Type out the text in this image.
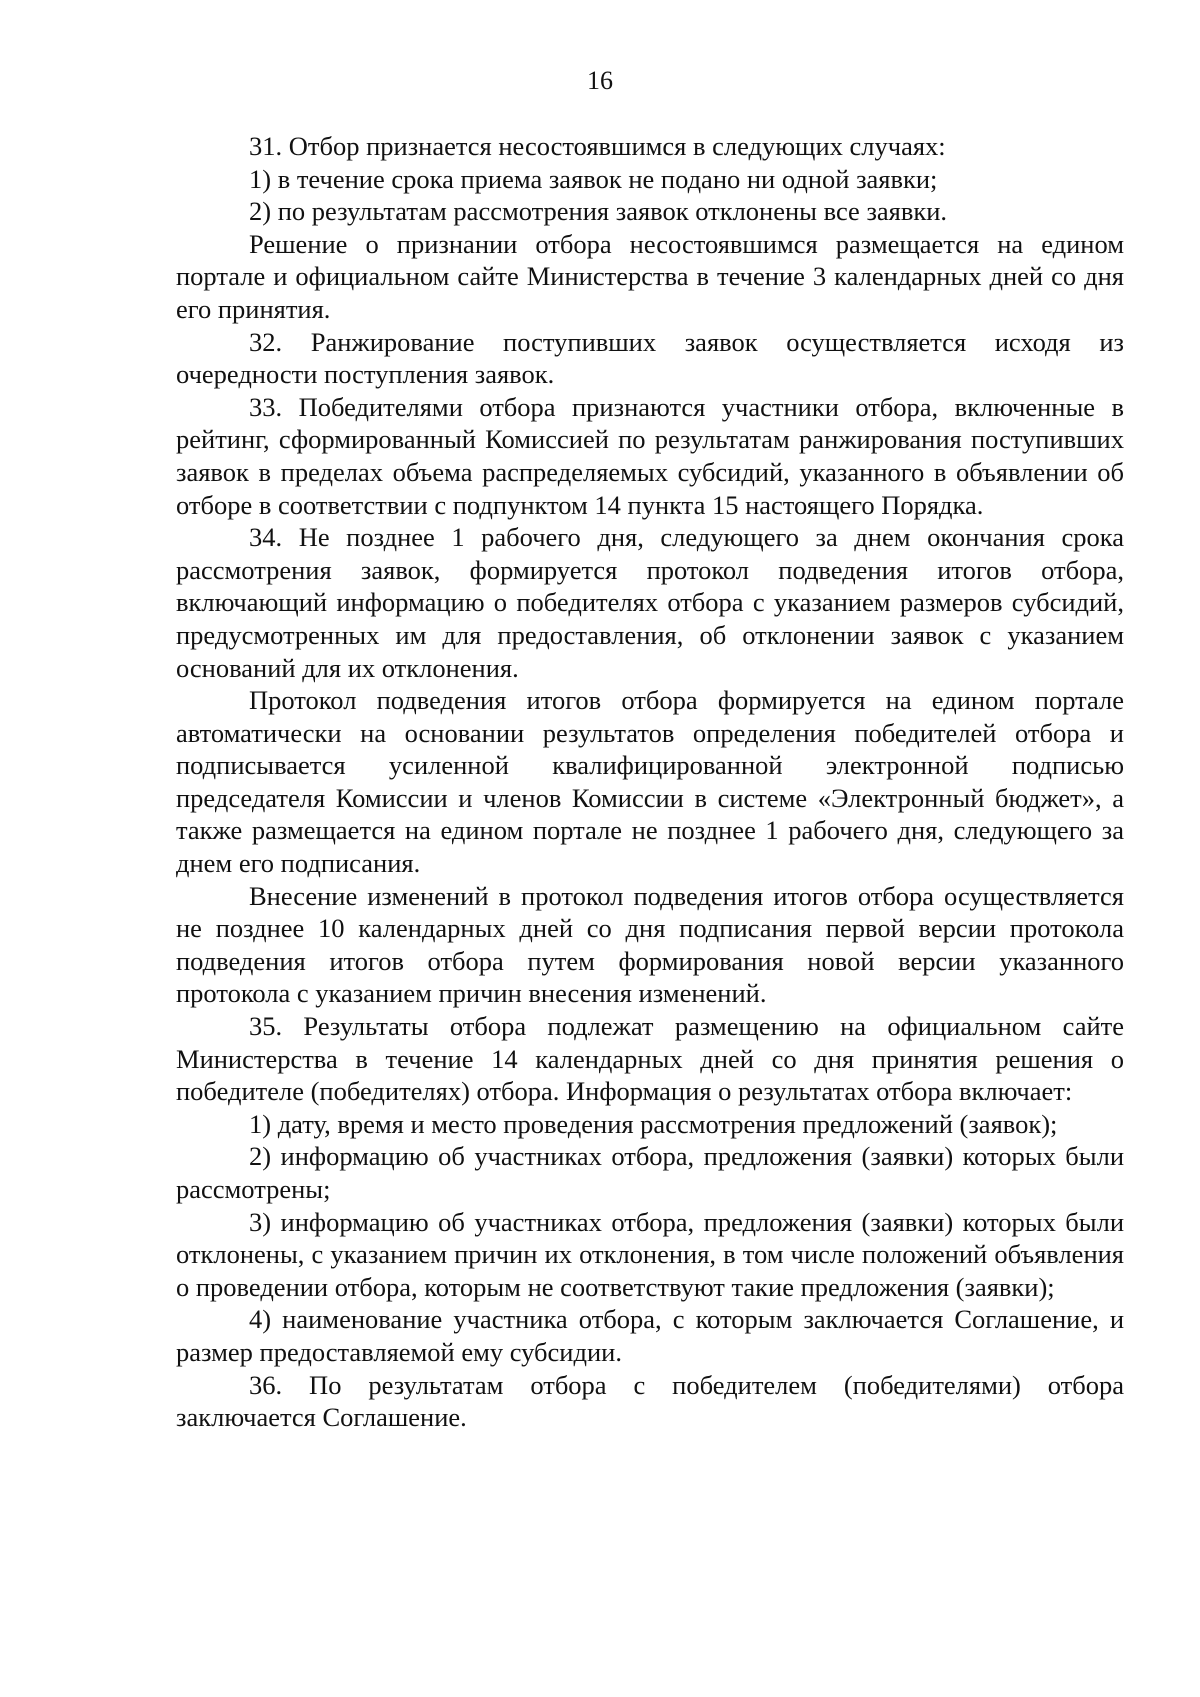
16

31. Отбор признается несостоявшимся в следующих случаях:

1) в течение срока приема заявок не подано ни одной заявки;

2) по результатам рассмотрения заявок отклонены все заявки.

Решение о признании отбора несостоявшимся размещается на едином портале и официальном сайте Министерства в течение 3 календарных дней со дня его принятия.

32. Ранжирование поступивших заявок осуществляется исходя из очередности поступления заявок.

33. Победителями отбора признаются участники отбора, включенные в рейтинг, сформированный Комиссией по результатам ранжирования поступивших заявок в пределах объема распределяемых субсидий, указанного в объявлении об отборе в соответствии с подпунктом 14 пункта 15 настоящего Порядка.

34. Не позднее 1 рабочего дня, следующего за днем окончания срока рассмотрения заявок, формируется протокол подведения итогов отбора, включающий информацию о победителях отбора с указанием размеров субсидий, предусмотренных им для предоставления, об отклонении заявок с указанием оснований для их отклонения.

Протокол подведения итогов отбора формируется на едином портале автоматически на основании результатов определения победителей отбора и подписывается усиленной квалифицированной электронной подписью председателя Комиссии и членов Комиссии в системе «Электронный бюджет», а также размещается на едином портале не позднее 1 рабочего дня, следующего за днем его подписания.

Внесение изменений в протокол подведения итогов отбора осуществляется не позднее 10 календарных дней со дня подписания первой версии протокола подведения итогов отбора путем формирования новой версии указанного протокола с указанием причин внесения изменений.

35. Результаты отбора подлежат размещению на официальном сайте Министерства в течение 14 календарных дней со дня принятия решения о победителе (победителях) отбора. Информация о результатах отбора включает:

1) дату, время и место проведения рассмотрения предложений (заявок);

2) информацию об участниках отбора, предложения (заявки) которых были рассмотрены;

3) информацию об участниках отбора, предложения (заявки) которых были отклонены, с указанием причин их отклонения, в том числе положений объявления о проведении отбора, которым не соответствуют такие предложения (заявки);

4) наименование участника отбора, с которым заключается Соглашение, и размер предоставляемой ему субсидии.

36. По результатам отбора с победителем (победителями) отбора заключается Соглашение.
